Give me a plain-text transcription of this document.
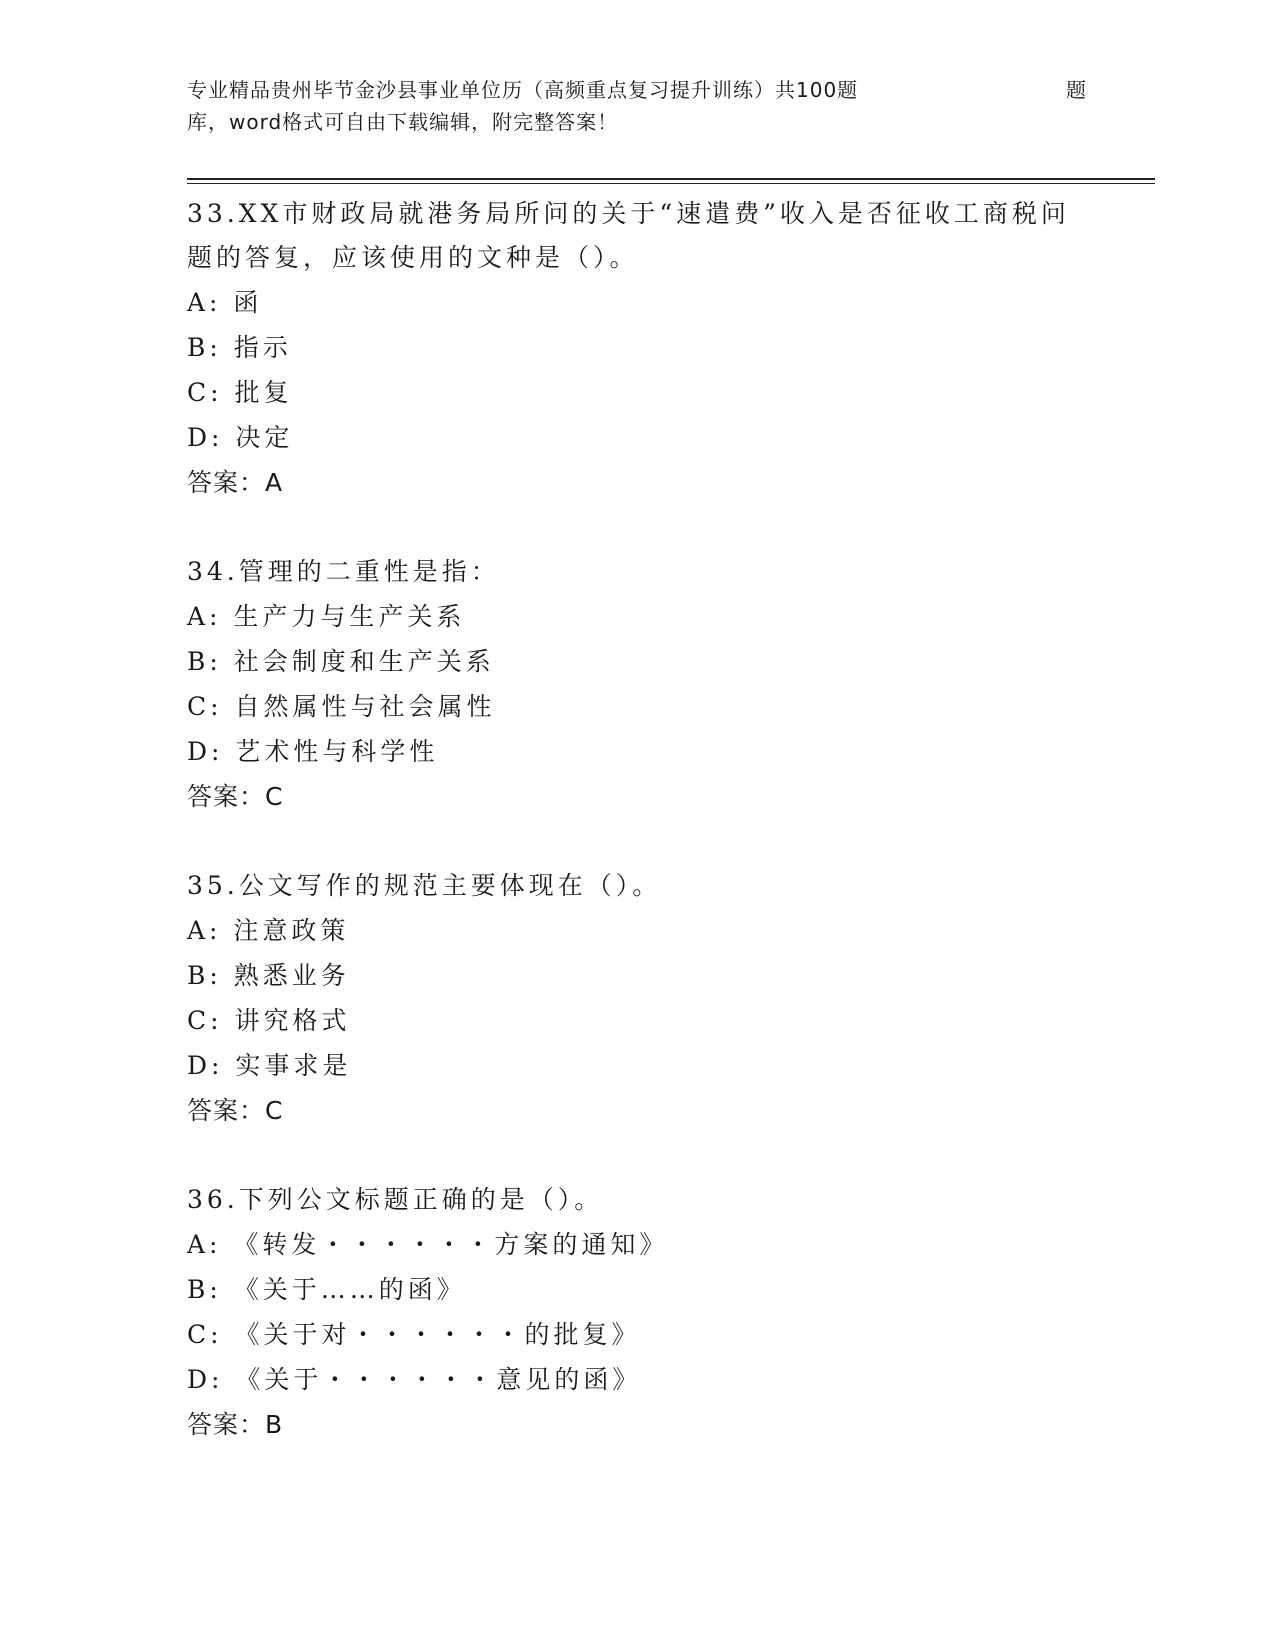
专业精品贵州毕节金沙县事业单位历（高频重点复习提升训练）共100题	题
库，word格式可自由下载编辑，附完整答案！
33.XX市财政局就港务局所问的关于“速遣费”收入是否征收工商税问
题的答复，应该使用的文种是（）。
A: 函
B: 指示
C: 批复
D: 决定
答案：A
34.管理的二重性是指：
A: 生产力与生产关系
B: 社会制度和生产关系
C: 自然属性与社会属性
D: 艺术性与科学性
答案：C
35.公文写作的规范主要体现在（）。
A: 注意政策
B: 熟悉业务
C: 讲究格式
D: 实事求是
答案：C
36.下列公文标题正确的是（）。
A: 《转发・・・・・・方案的通知》
B: 《关于……的函》
C: 《关于对・・・・・・的批复》
D: 《关于・・・・・・意见的函》
答案：B
